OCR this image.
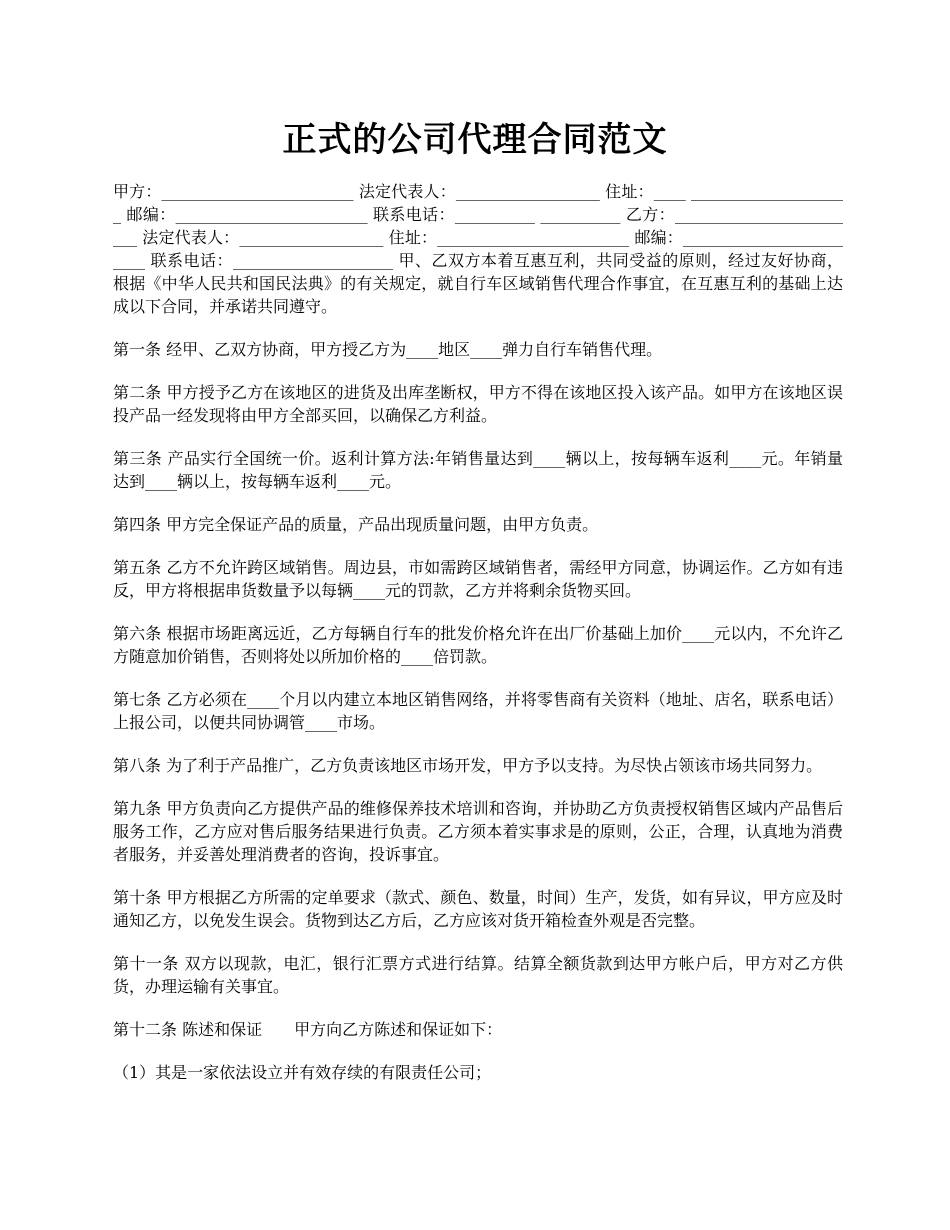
正式的公司代理合同范文

甲方：________________________ 法定代表人：__________________ 住址：____ ____________________ 邮编：________________________ 联系电话：__________ __________ 乙方：________________________ 法定代表人：__________________ 住址：________________________ 邮编：________________________ 联系电话：____________________ 甲、乙双方本着互惠互利，共同受益的原则，经过友好协商，根据《中华人民共和国民法典》的有关规定，就自行车区域销售代理合作事宜，在互惠互利的基础上达成以下合同，并承诺共同遵守。

第一条 经甲、乙双方协商，甲方授乙方为____地区____弹力自行车销售代理。

第二条 甲方授予乙方在该地区的进货及出库垄断权，甲方不得在该地区投入该产品。如甲方在该地区误投产品一经发现将由甲方全部买回，以确保乙方利益。

第三条 产品实行全国统一价。返利计算方法:年销售量达到____辆以上，按每辆车返利____元。年销量达到____辆以上，按每辆车返利____元。

第四条 甲方完全保证产品的质量，产品出现质量问题，由甲方负责。

第五条 乙方不允许跨区域销售。周边县，市如需跨区域销售者，需经甲方同意，协调运作。乙方如有违反，甲方将根据串货数量予以每辆____元的罚款，乙方并将剩余货物买回。

第六条 根据市场距离远近，乙方每辆自行车的批发价格允许在出厂价基础上加价____元以内，不允许乙方随意加价销售，否则将处以所加价格的____倍罚款。

第七条 乙方必须在____个月以内建立本地区销售网络，并将零售商有关资料（地址、店名，联系电话）上报公司，以便共同协调管____市场。

第八条 为了利于产品推广，乙方负责该地区市场开发，甲方予以支持。为尽快占领该市场共同努力。

第九条 甲方负责向乙方提供产品的维修保养技术培训和咨询，并协助乙方负责授权销售区域内产品售后服务工作，乙方应对售后服务结果进行负责。乙方须本着实事求是的原则，公正，合理，认真地为消费者服务，并妥善处理消费者的咨询，投诉事宜。

第十条 甲方根据乙方所需的定单要求（款式、颜色、数量，时间）生产，发货，如有异议，甲方应及时通知乙方，以免发生误会。货物到达乙方后，乙方应该对货开箱检查外观是否完整。

第十一条 双方以现款，电汇，银行汇票方式进行结算。结算全额货款到达甲方帐户后，甲方对乙方供货，办理运输有关事宜。

第十二条 陈述和保证　　甲方向乙方陈述和保证如下：

（1）其是一家依法设立并有效存续的有限责任公司；
